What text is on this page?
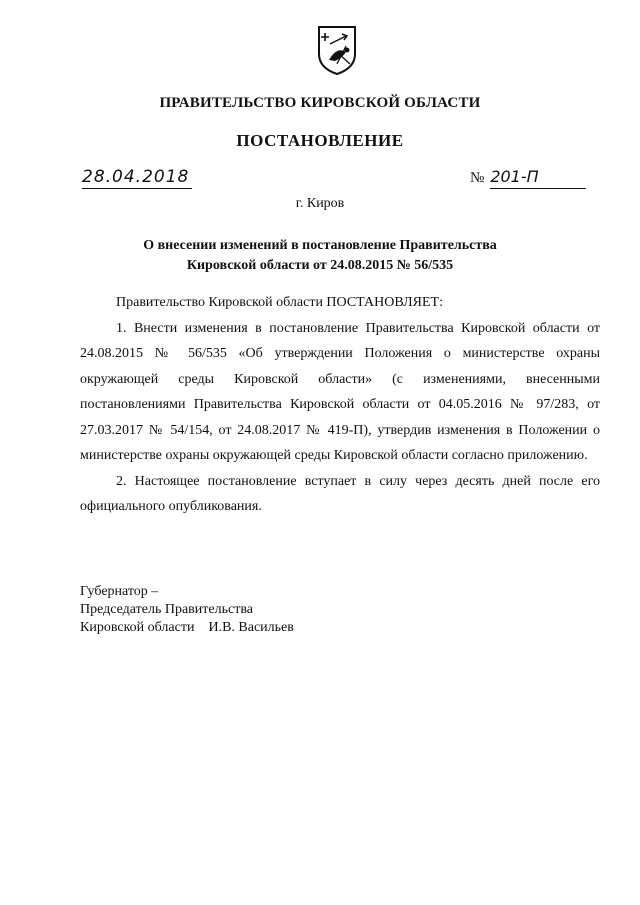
ПРАВИТЕЛЬСТВО КИРОВСКОЙ ОБЛАСТИ
ПОСТАНОВЛЕНИЕ
28.04.2018	№ 201-П
г. Киров
О внесении изменений в постановление Правительства
Кировской области от 24.08.2015 № 56/535

Правительство Кировской области ПОСТАНОВЛЯЕТ:

1. Внести изменения в постановление Правительства Кировской области от 24.08.2015 № 56/535 «Об утверждении Положения о министерстве охраны окружающей среды Кировской области» (с изменениями, внесенными постановлениями Правительства Кировской области от 04.05.2016 № 97/283, от 27.03.2017 № 54/154, от 24.08.2017 № 419-П), утвердив изменения в Положении о министерстве охраны окружающей среды Кировской области согласно приложению.

2. Настоящее постановление вступает в силу через десять дней после его официального опубликования.

Губернатор –
Председатель Правительства
Кировской области И.В. Васильев
